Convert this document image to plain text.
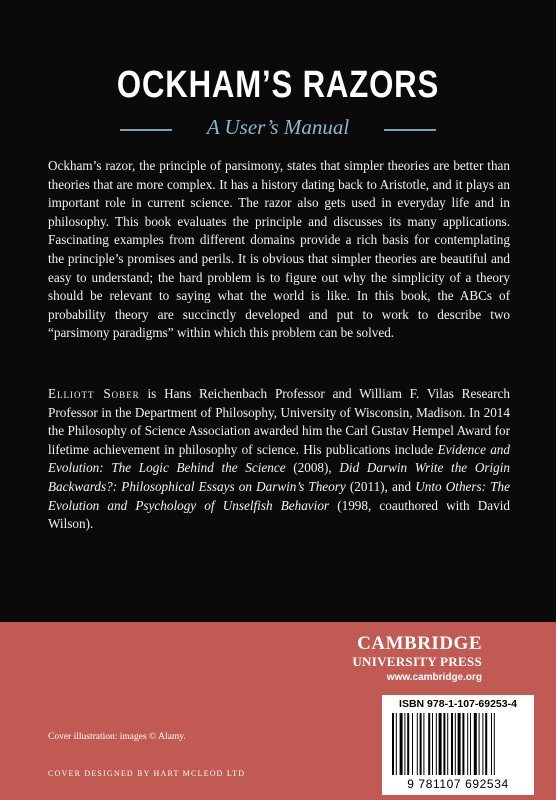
OCKHAM’S RAZORS
A User’s Manual
Ockham’s razor, the principle of parsimony, states that simpler theories are better than theories that are more complex. It has a history dating back to Aristotle, and it plays an important role in current science. The razor also gets used in everyday life and in philosophy. This book evaluates the principle and discusses its many applications. Fascinating examples from different domains provide a rich basis for contemplating the principle’s promises and perils. It is obvious that simpler theories are beautiful and easy to understand; the hard problem is to figure out why the simplicity of a theory should be relevant to saying what the world is like. In this book, the ABCs of probability theory are succinctly developed and put to work to describe two “parsimony paradigms” within which this problem can be solved.
Elliott Sober is Hans Reichenbach Professor and William F. Vilas Research Professor in the Department of Philosophy, University of Wisconsin, Madison. In 2014 the Philosophy of Science Association awarded him the Carl Gustav Hempel Award for lifetime achievement in philosophy of science. His publications include Evidence and Evolution: The Logic Behind the Science (2008), Did Darwin Write the Origin Backwards?: Philosophical Essays on Darwin’s Theory (2011), and Unto Others: The Evolution and Psychology of Unselfish Behavior (1998, coauthored with David Wilson).
CAMBRIDGE
UNIVERSITY PRESS
www.cambridge.org
ISBN 978-1-107-69253-4
9 781107 692534
Cover illustration: images © Alamy.
COVER DESIGNED BY HART MCLEOD LTD
